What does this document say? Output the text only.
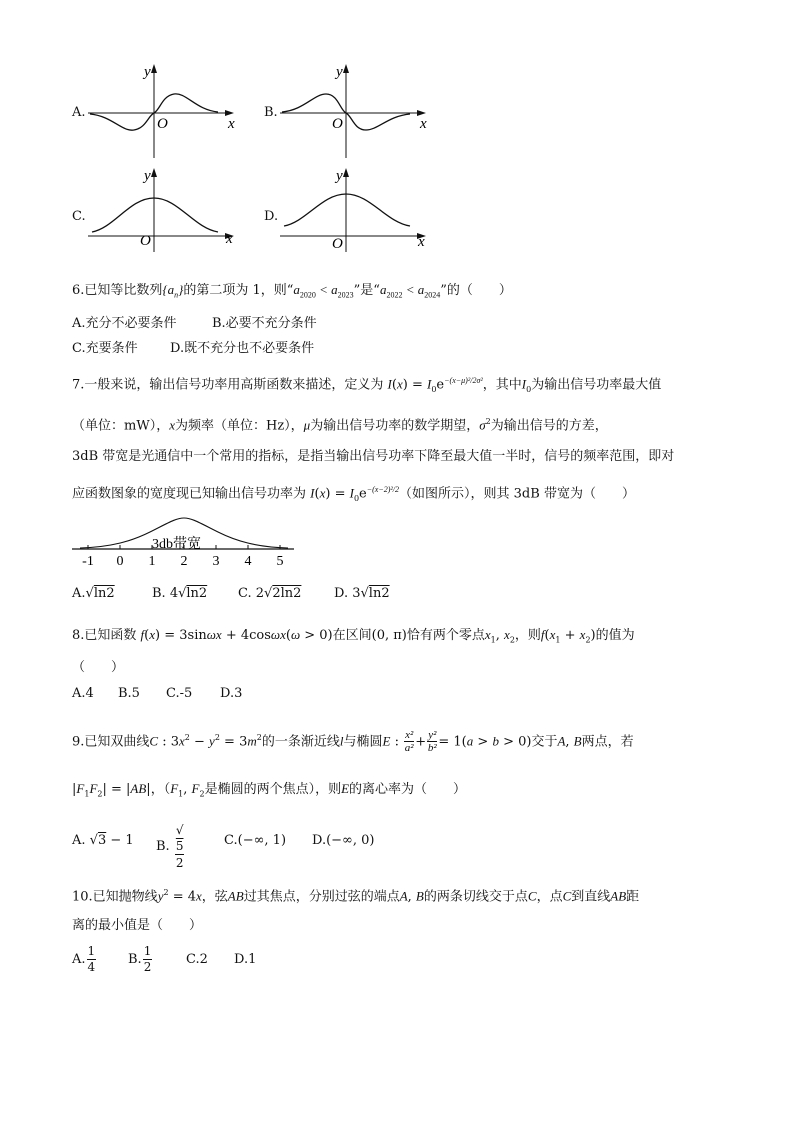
A.
y
x
O
B.
y
x
O
C.
y
x
O
D.
y
x
O
6.已知等比数列$\{a_n\}$的第二项为 1，则“$a_{2020} < a_{2023}$”是“$a_{2022} < a_{2024}$”的（　　）
A.充分不必要条件	B.必要不充分条件
C.充要条件 D.既不充分也不必要条件
7.一般来说，输出信号功率用高斯函数来描述，定义为 $I(x) = I_0e^{-(x-\mu)^2/2\sigma^2}$，其中$I_0$为输出信号功率最大值
（单位：mW），x为频率（单位：Hz），μ为输出信号功率的数学期望，$\sigma^2$为输出信号的方差，
3dB 带宽是光通信中一个常用的指标，是指当输出信号功率下降至最大值一半时，信号的频率范围，即对
应函数图象的宽度现已知输出信号功率为 $I(x) = I_0e^{-(x-2)^2/2}$（如图所示），则其 3dB 带宽为（　　）
3db带宽
-1 0 1 2 3 4 5
A.√ln2	B. 4√ln2 C. 2√2ln2	D. 3√ln2
8.已知函数 f(x) = 3sinωx + 4cosωx(ω > 0)在区间(0, π)恰有两个零点$x_1$, $x_2$，则$f(x_1 + x_2)$的值为
（　　）
A.4 B.5 C.-5 D.3
9.已知双曲线C : $3x^2 - y^2 = 3m^2$的一条渐近线l与椭圆E : $\frac{\text{x²}}{\text{a²}} + \frac{\text{y²}}{\text{b²}} = 1(a > b > 0)$交于A, B两点，若
$|F_1F_2| = |AB|$，（$F_1$, $F_2$是椭圆的两个焦点），则E的离心率为（　　）
A. √3 − 1 B. √
5
2	C.(−∞, 1) D.(−∞, 0)
10.已知抛物线$y^2 = 4x$，弦AB过其焦点，分别过弦的端点A, B的两条切线交于点C，点C到直线AB距
离的最小值是（　　）
A. $\frac{1}{4} B$. $\frac{1}{2}$	C.2 D.1
